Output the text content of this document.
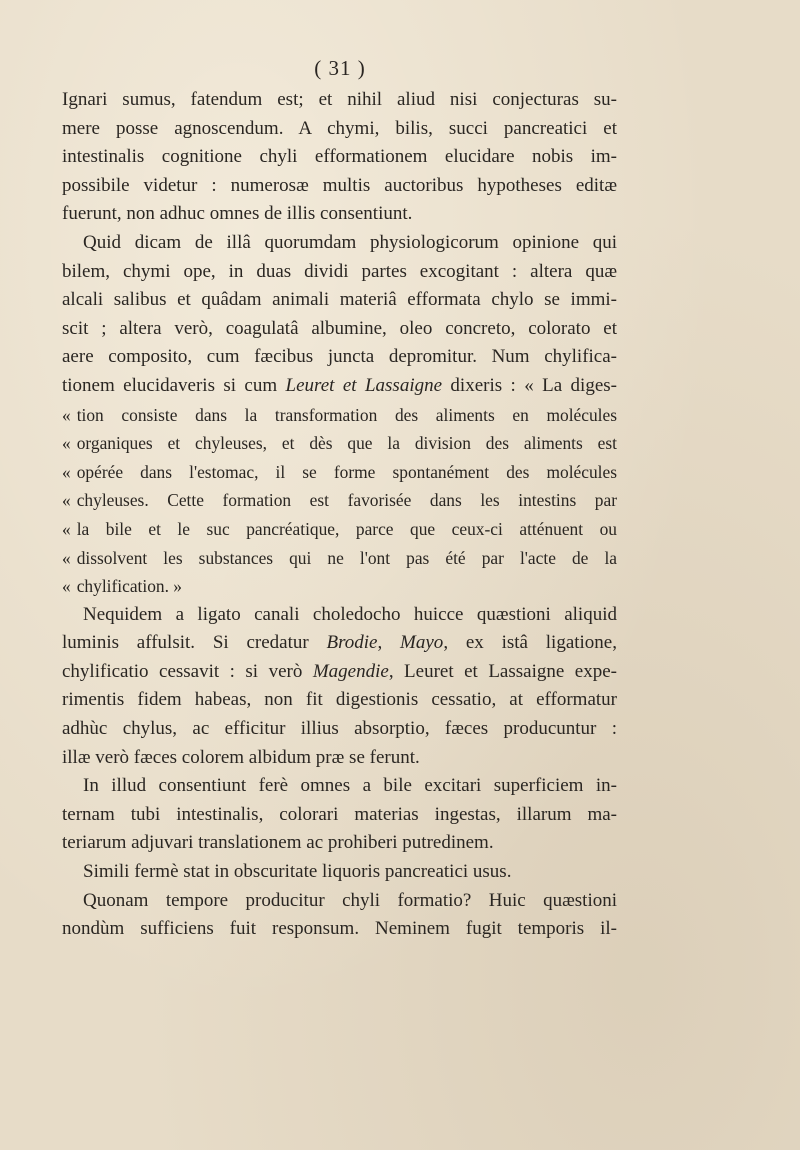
( 31 )
Ignari sumus, fatendum est; et nihil aliud nisi conjecturas su-
mere posse agnoscendum. A chymi, bilis, succi pancreatici et
intestinalis cognitione chyli efformationem elucidare nobis im-
possibile videtur : numerosæ multis auctoribus hypotheses editæ
fuerunt, non adhuc omnes de illis consentiunt.
Quid dicam de illâ quorumdam physiologicorum opinione qui
bilem, chymi ope, in duas dividi partes excogitant : altera quæ
alcali salibus et quâdam animali materiâ efformata chylo se immi-
scit ; altera verò, coagulatâ albumine, oleo concreto, colorato et
aere composito, cum fæcibus juncta depromitur. Num chylifica-
tionem elucidaveris si cum Leuret et Lassaigne dixeris : « La diges-
« tion consiste dans la transformation des aliments en molécules
« organiques et chyleuses, et dès que la division des aliments est
« opérée dans l'estomac, il se forme spontanément des molécules
« chyleuses. Cette formation est favorisée dans les intestins par
« la bile et le suc pancréatique, parce que ceux-ci atténuent ou
« dissolvent les substances qui ne l'ont pas été par l'acte de la
« chylification. »
Nequidem a ligato canali choledocho huicce quæstioni aliquid
luminis affulsit. Si credatur Brodie, Mayo, ex istâ ligatione,
chylificatio cessavit : si verò Magendie, Leuret et Lassaigne expe-
rimentis fidem habeas, non fit digestionis cessatio, at efformatur
adhùc chylus, ac efficitur illius absorptio, fæces producuntur :
illæ verò fæces colorem albidum præ se ferunt.
In illud consentiunt ferè omnes a bile excitari superficiem in-
ternam tubi intestinalis, colorari materias ingestas, illarum ma-
teriarum adjuvari translationem ac prohiberi putredinem.
Simili fermè stat in obscuritate liquoris pancreatici usus.
Quonam tempore producitur chyli formatio? Huic quæstioni
nondùm sufficiens fuit responsum. Neminem fugit temporis il-
